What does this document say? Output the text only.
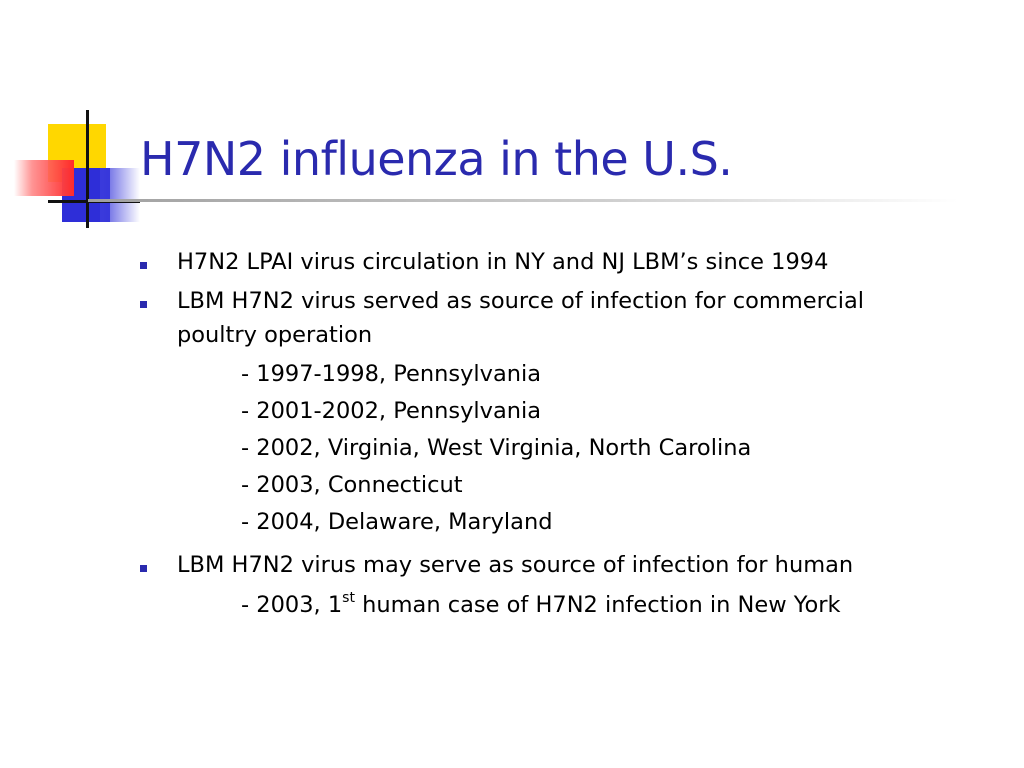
H7N2 influenza in the U.S.
H7N2 LPAI virus circulation in NY and NJ LBM’s since 1994
LBM H7N2 virus served as source of infection for commercial
poultry operation
- 1997-1998, Pennsylvania
- 2001-2002, Pennsylvania
- 2002, Virginia, West Virginia, North Carolina
- 2003, Connecticut
- 2004, Delaware, Maryland
LBM H7N2 virus may serve as source of infection for human
- 2003, 1st human case of H7N2 infection in New York
